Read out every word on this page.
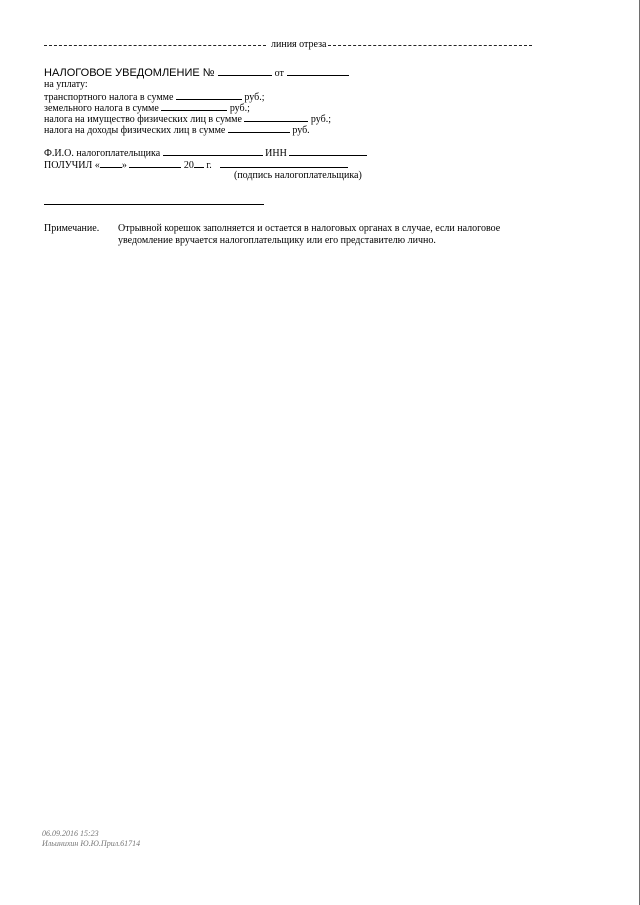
линия отреза
НАЛОГОВОЕ УВЕДОМЛЕНИЕ №	от
на уплату:
транспортного налога в сумме	руб.;
земельного налога в сумме	руб.;
налога на имущество физических лиц в сумме	руб.;
налога на доходы физических лиц в сумме	руб.
Ф.И.О. налогоплательщика	ИНН
ПОЛУЧИЛ « »	20 г.
(подпись налогоплательщика)
Примечание. Отрывной корешок заполняется и остается в налоговых органах в случае, если налоговое
уведомление вручается налогоплательщику или его представителю лично.
06.09.2016 15:23
Ильинихин Ю.Ю.Прил.61714
